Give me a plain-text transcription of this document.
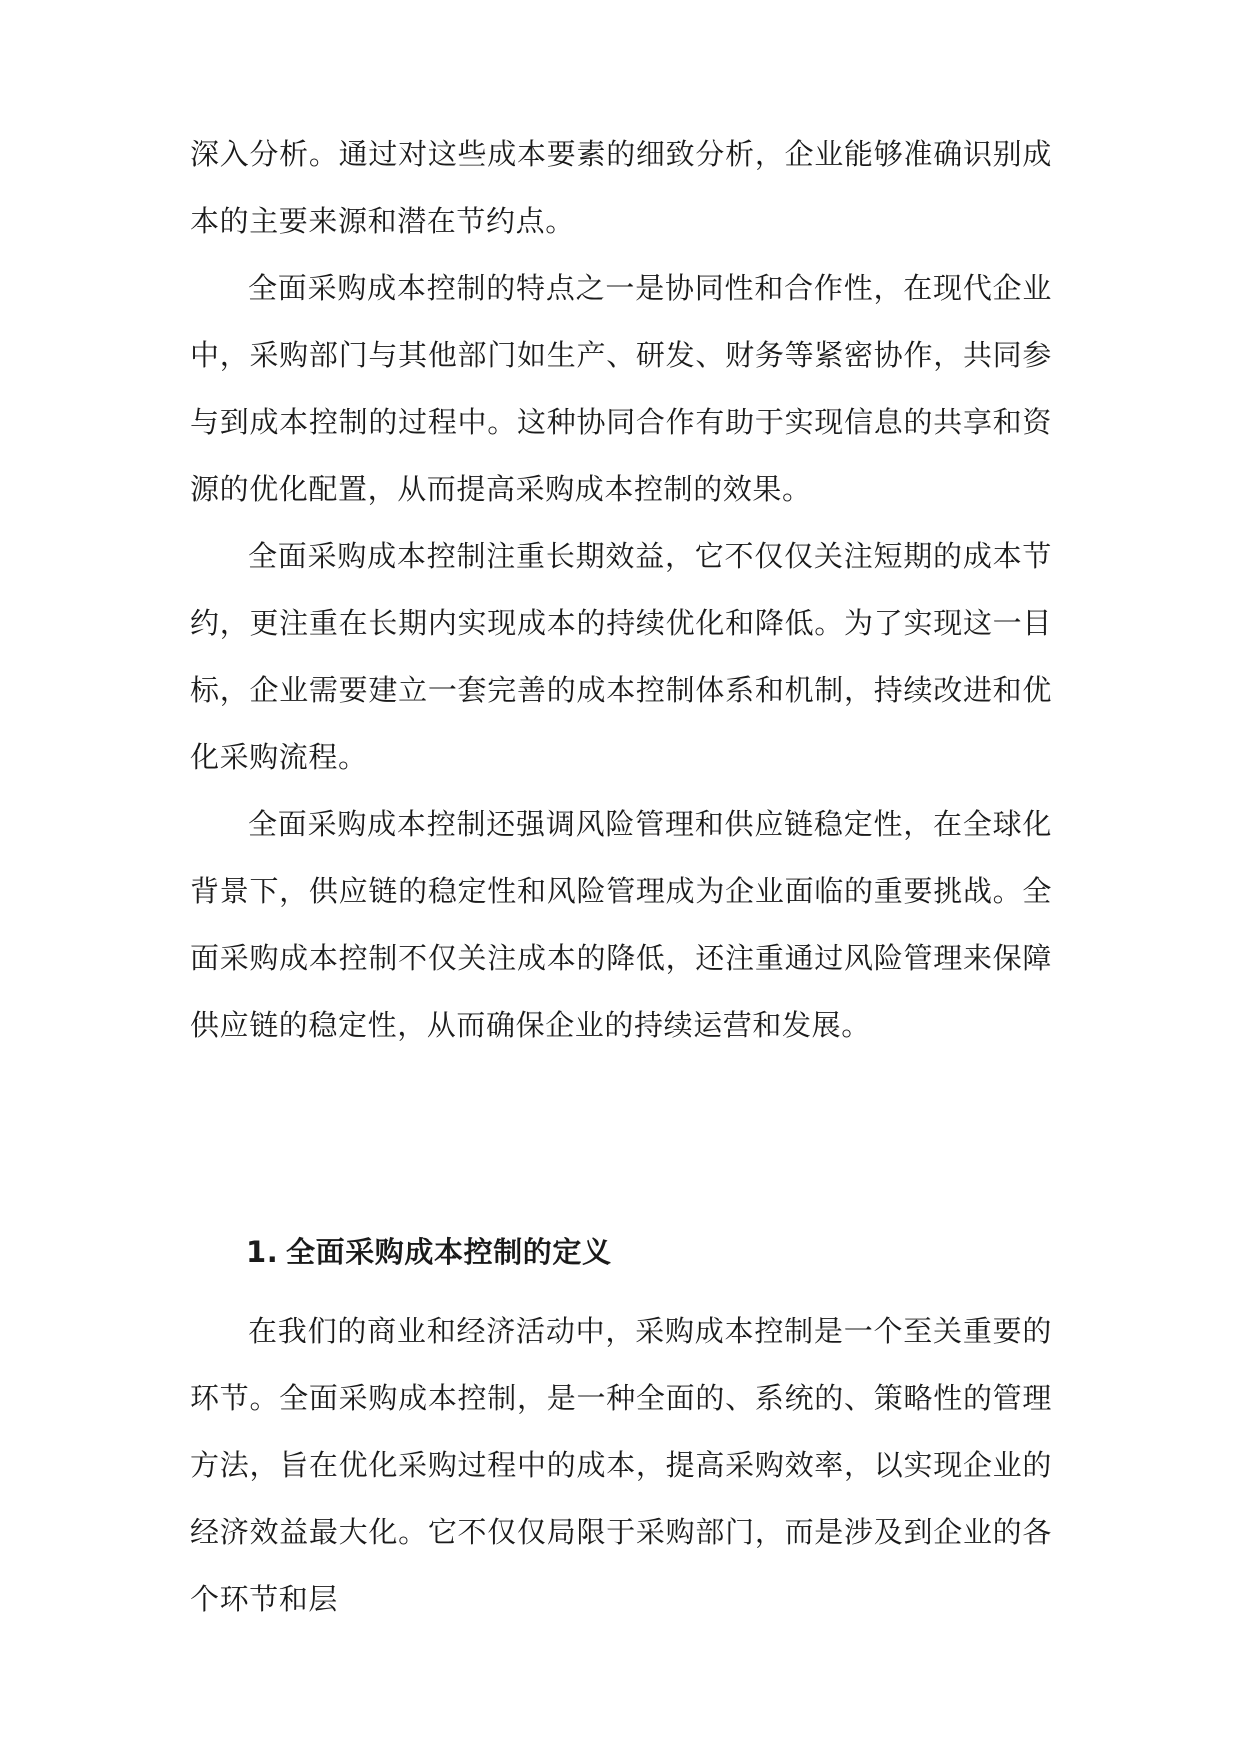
深入分析。通过对这些成本要素的细致分析，企业能够准确识别成本的主要来源和潜在节约点。

全面采购成本控制的特点之一是协同性和合作性，在现代企业中，采购部门与其他部门如生产、研发、财务等紧密协作，共同参与到成本控制的过程中。这种协同合作有助于实现信息的共享和资源的优化配置，从而提高采购成本控制的效果。

全面采购成本控制注重长期效益，它不仅仅关注短期的成本节约，更注重在长期内实现成本的持续优化和降低。为了实现这一目标，企业需要建立一套完善的成本控制体系和机制，持续改进和优化采购流程。

全面采购成本控制还强调风险管理和供应链稳定性，在全球化背景下，供应链的稳定性和风险管理成为企业面临的重要挑战。全面采购成本控制不仅关注成本的降低，还注重通过风险管理来保障供应链的稳定性，从而确保企业的持续运营和发展。

1. 全面采购成本控制的定义

在我们的商业和经济活动中，采购成本控制是一个至关重要的环节。全面采购成本控制，是一种全面的、系统的、策略性的管理方法，旨在优化采购过程中的成本，提高采购效率，以实现企业的经济效益最大化。它不仅仅局限于采购部门，而是涉及到企业的各个环节和层
